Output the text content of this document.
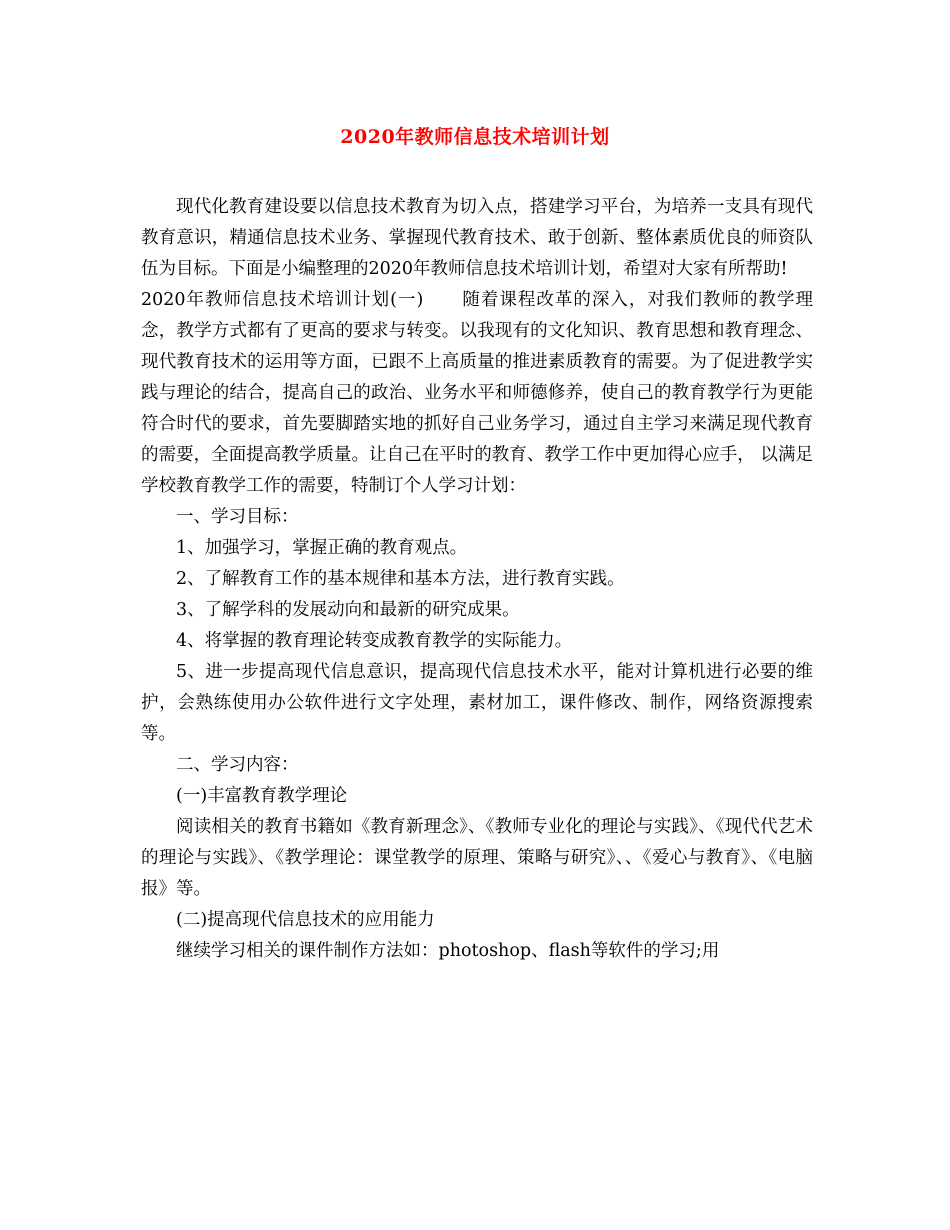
2020年教师信息技术培训计划

现代化教育建设要以信息技术教育为切入点，搭建学习平台，为培养一支具有现代教育意识，精通信息技术业务、掌握现代教育技术、敢于创新、整体素质优良的师资队伍为目标。下面是小编整理的2020年教师信息技术培训计划，希望对大家有所帮助!

2020年教师信息技术培训计划(一) 随着课程改革的深入，对我们教师的教学理念，教学方式都有了更高的要求与转变。以我现有的文化知识、教育思想和教育理念、现代教育技术的运用等方面，已跟不上高质量的推进素质教育的需要。为了促进教学实践与理论的结合，提高自己的政治、业务水平和师德修养，使自己的教育教学行为更能符合时代的要求，首先要脚踏实地的抓好自己业务学习，通过自主学习来满足现代教育的需要，全面提高教学质量。让自己在平时的教育、教学工作中更加得心应手， 以满足学校教育教学工作的需要，特制订个人学习计划：

一、学习目标：

1、加强学习，掌握正确的教育观点。

2、了解教育工作的基本规律和基本方法，进行教育实践。

3、了解学科的发展动向和最新的研究成果。

4、将掌握的教育理论转变成教育教学的实际能力。

5、进一步提高现代信息意识，提高现代信息技术水平，能对计算机进行必要的维护，会熟练使用办公软件进行文字处理，素材加工，课件修改、制作，网络资源搜索等。

二、学习内容：

(一)丰富教育教学理论

阅读相关的教育书籍如《教育新理念》、《教师专业化的理论与实践》、《现代代艺术的理论与实践》、《教学理论：课堂教学的原理、策略与研究》、、《爱心与教育》、《电脑报》等。

(二)提高现代信息技术的应用能力

继续学习相关的课件制作方法如：photoshop、flash等软件的学习;用
